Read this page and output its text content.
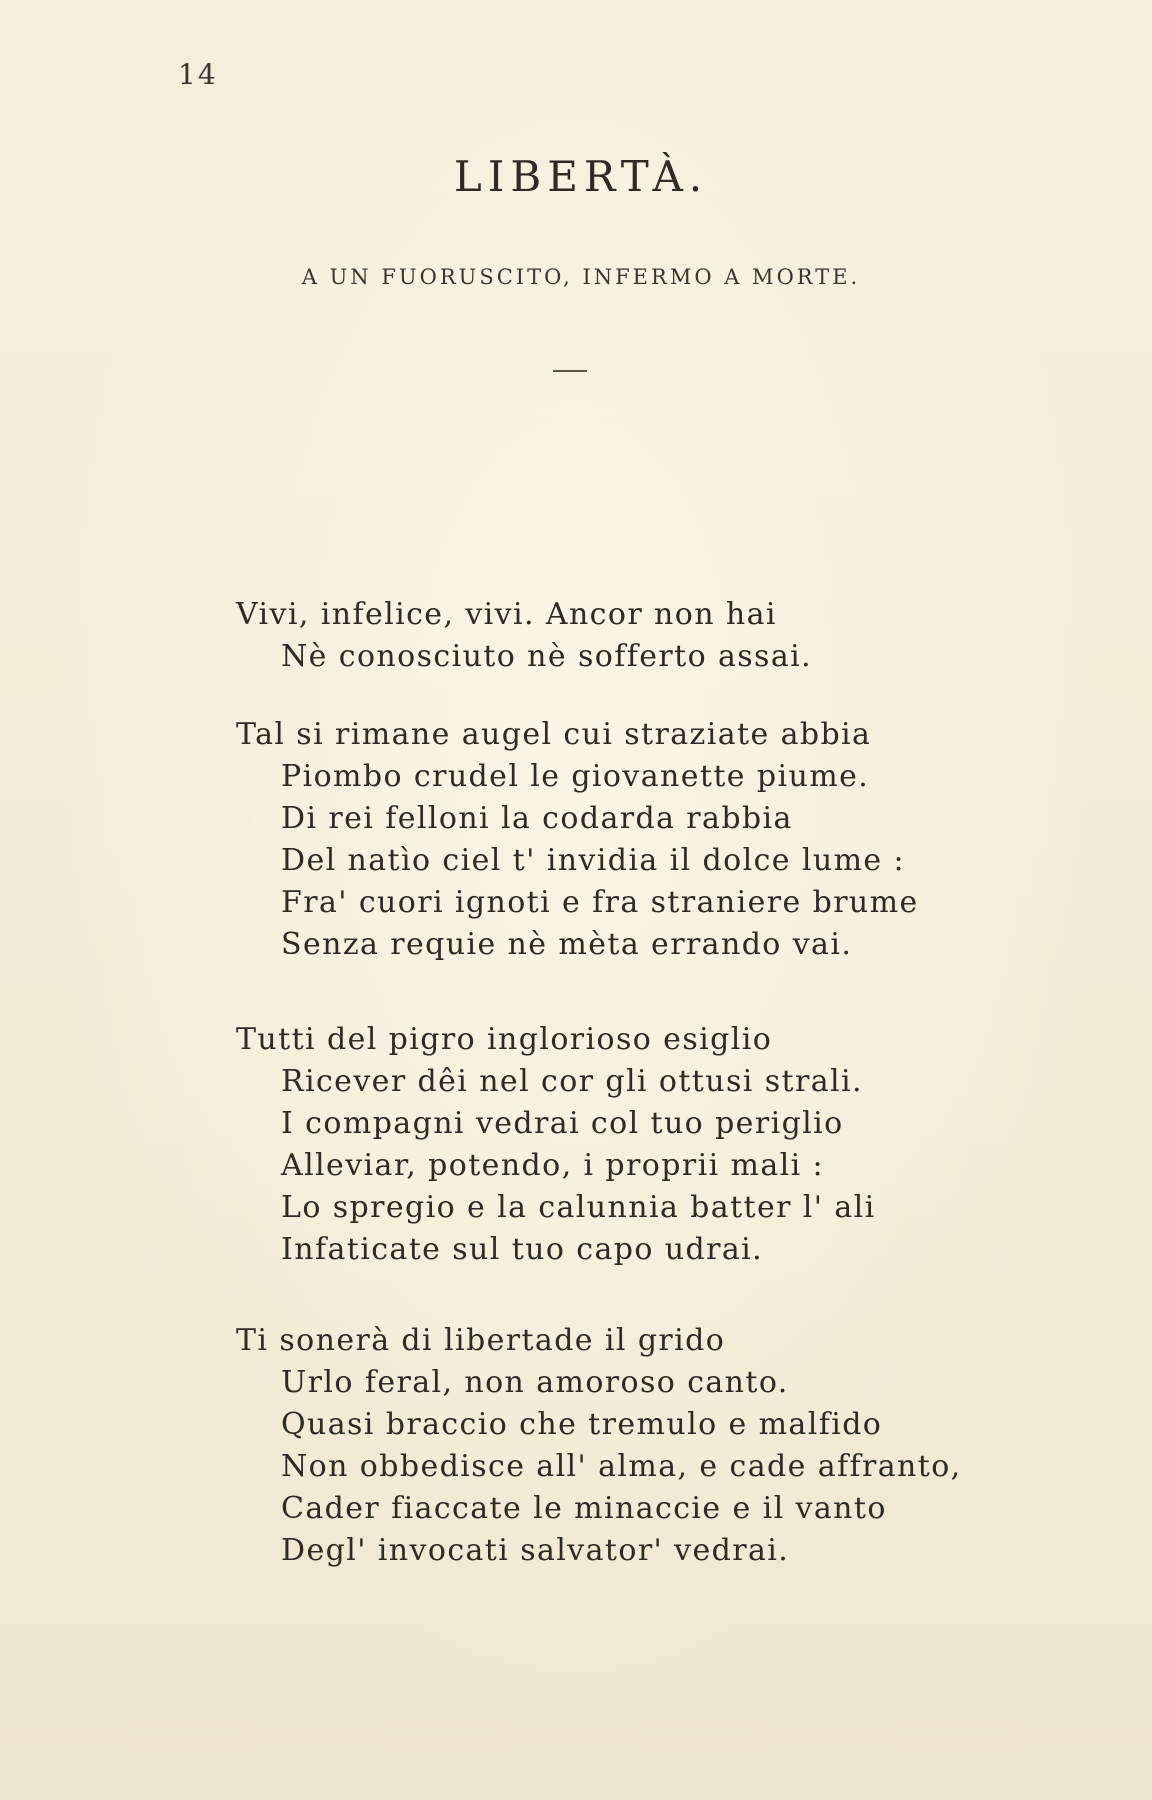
14
LIBERTÀ.
A UN FUORUSCITO, INFERMO A MORTE.
Vivi, infelice, vivi. Ancor non hai
Nè conosciuto nè sofferto assai.
Tal si rimane augel cui straziate abbia
Piombo crudel le giovanette piume.
Di rei felloni la codarda rabbia
Del natìo ciel t' invidia il dolce lume :
Fra' cuori ignoti e fra straniere brume
Senza requie nè mèta errando vai.
Tutti del pigro inglorioso esiglio
Ricever dêi nel cor gli ottusi strali.
I compagni vedrai col tuo periglio
Alleviar, potendo, i proprii mali :
Lo spregio e la calunnia batter l' ali
Infaticate sul tuo capo udrai.
Ti sonerà di libertade il grido
Urlo feral, non amoroso canto.
Quasi braccio che tremulo e malfido
Non obbedisce all' alma, e cade affranto,
Cader fiaccate le minaccie e il vanto
Degl' invocati salvator' vedrai.
